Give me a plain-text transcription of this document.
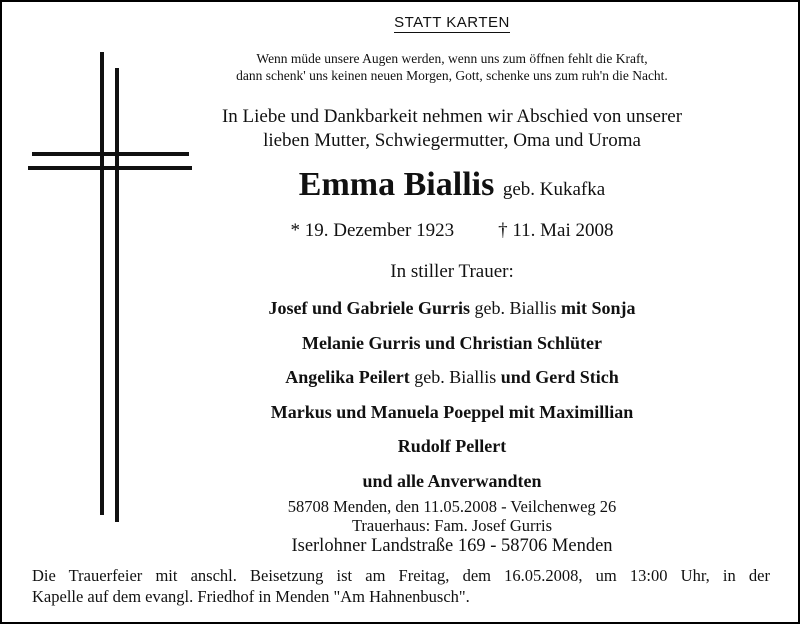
STATT KARTEN
Wenn müde unsere Augen werden, wenn uns zum öffnen fehlt die Kraft,
dann schenk' uns keinen neuen Morgen, Gott, schenke uns zum ruh'n die Nacht.
In Liebe und Dankbarkeit nehmen wir Abschied von unserer
lieben Mutter, Schwiegermutter, Oma und Uroma
Emma Biallis geb. Kukafka
* 19. Dezember 1923 † 11. Mai 2008
In stiller Trauer:
Josef und Gabriele Gurris geb. Biallis mit Sonja
Melanie Gurris und Christian Schlüter
Angelika Peilert geb. Biallis und Gerd Stich
Markus und Manuela Poeppel mit Maximillian
Rudolf Pellert
und alle Anverwandten
58708 Menden, den 11.05.2008 - Veilchenweg 26
Trauerhaus: Fam. Josef Gurris
Iserlohner Landstraße 169 - 58706 Menden
Die Trauerfeier mit anschl. Beisetzung ist am Freitag, dem 16.05.2008, um 13:00 Uhr, in der
Kapelle auf dem evangl. Friedhof in Menden "Am Hahnenbusch".
